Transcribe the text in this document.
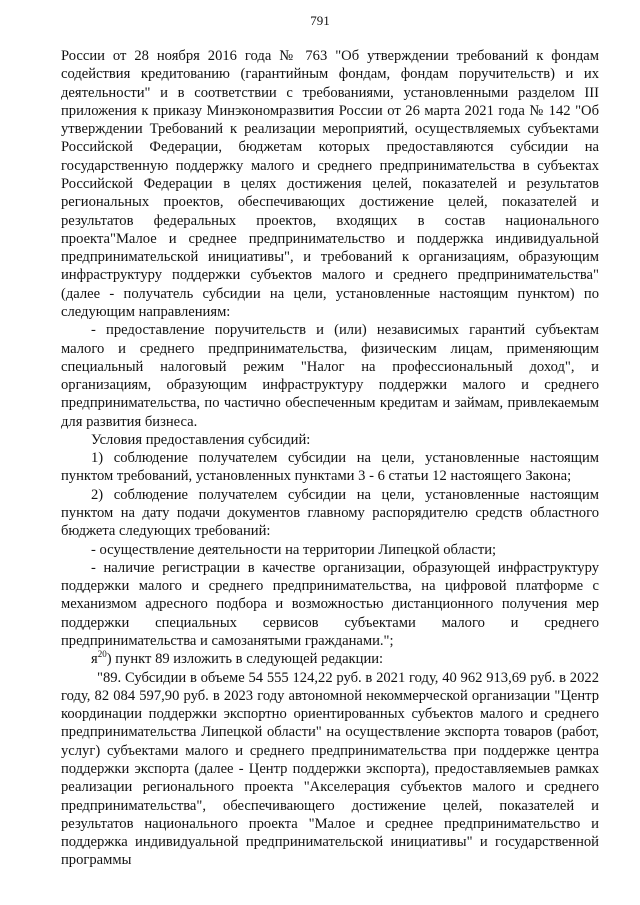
791

России от 28 ноября 2016 года № 763 "Об утверждении требований к фондам содействия кредитованию (гарантийным фондам, фондам поручительств) и их деятельности" и в соответствии с требованиями, установленными разделом III приложения к приказу Минэкономразвития России от 26 марта 2021 года № 142 "Об утверждении Требований к реализации мероприятий, осуществляемых субъектами Российской Федерации, бюджетам которых предоставляются субсидии на государственную поддержку малого и среднего предпринимательства в субъектах Российской Федерации в целях достижения целей, показателей и результатов региональных проектов, обеспечивающих достижение целей, показателей и результатов федеральных проектов, входящих в состав национального проекта"Малое и среднее предпринимательство и поддержка индивидуальной предпринимательской инициативы", и требований к организациям, образующим инфраструктуру поддержки субъектов малого и среднего предпринимательства" (далее - получатель субсидии на цели, установленные настоящим пунктом) по следующим направлениям:

- предоставление поручительств и (или) независимых гарантий субъектам малого и среднего предпринимательства, физическим лицам, применяющим специальный налоговый режим "Налог на профессиональный доход", и организациям, образующим инфраструктуру поддержки малого и среднего предпринимательства, по частично обеспеченным кредитам и займам, привлекаемым для развития бизнеса.

Условия предоставления субсидий:

1) соблюдение получателем субсидии на цели, установленные настоящим пунктом требований, установленных пунктами 3 - 6 статьи 12 настоящего Закона;

2) соблюдение получателем субсидии на цели, установленные настоящим пунктом на дату подачи документов главному распорядителю средств областного бюджета следующих требований:

- осуществление деятельности на территории Липецкой области;

- наличие регистрации в качестве организации, образующей инфраструктуру поддержки малого и среднего предпринимательства, на цифровой платформе с механизмом адресного подбора и возможностью дистанционного получения мер поддержки специальных сервисов субъектами малого и среднего предпринимательства и самозанятыми гражданами.";

$я^{20}$) пункт 89 изложить в следующей редакции:

"89. Субсидии в объеме 54 555 124,22 руб. в 2021 году, 40 962 913,69 руб. в 2022 году, 82 084 597,90 руб. в 2023 году автономной некоммерческой организации "Центр координации поддержки экспортно ориентированных субъектов малого и среднего предпринимательства Липецкой области" на осуществление экспорта товаров (работ, услуг) субъектами малого и среднего предпринимательства при поддержке центра поддержки экспорта (далее - Центр поддержки экспорта), предоставляемыев рамках реализации регионального проекта "Акселерация субъектов малого и среднего предпринимательства", обеспечивающего достижение целей, показателей и результатов национального проекта "Малое и среднее предпринимательство и поддержка индивидуальной предпринимательской инициативы" и государственной программы
